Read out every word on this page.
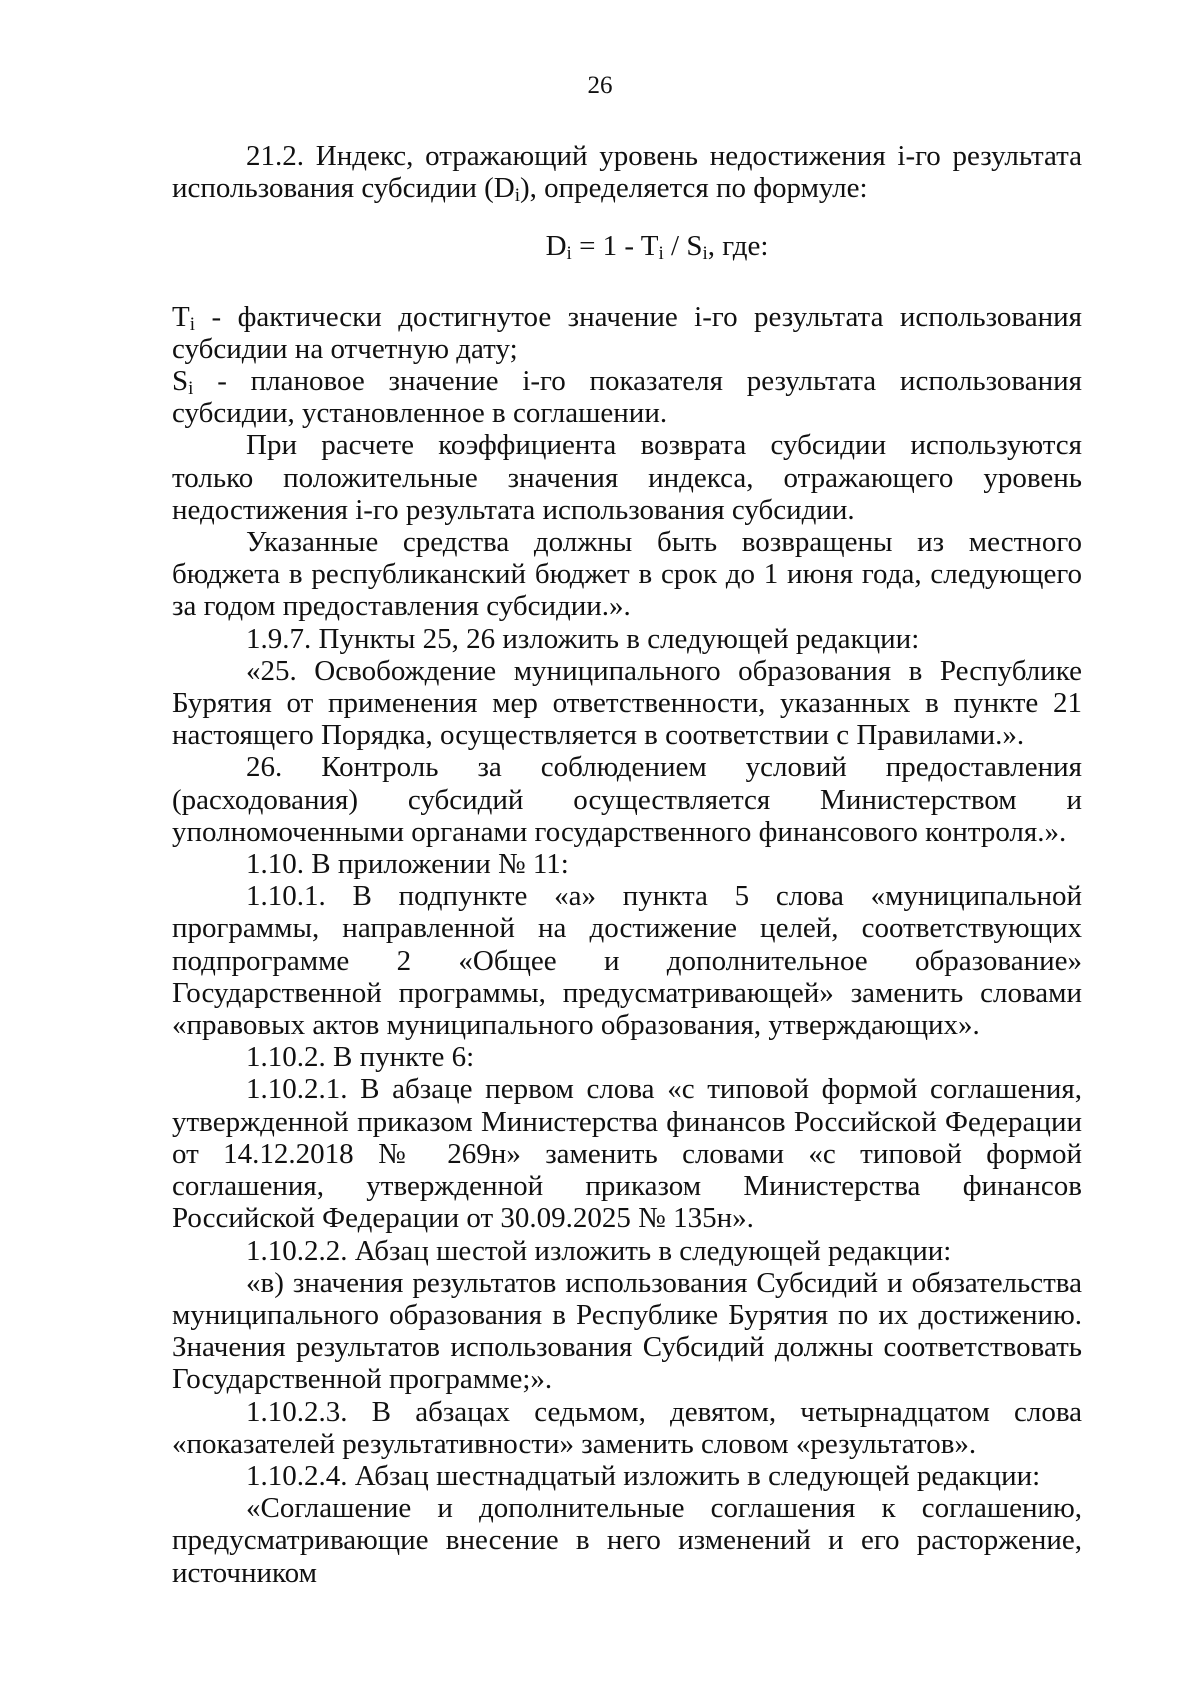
26

21.2. Индекс, отражающий уровень недостижения i-го результата использования субсидии $(D_i)$, определяется по формуле:

$D_i = 1 - T_i / S_i$, где:

$T_i$ - фактически достигнутое значение i-го результата использования субсидии на отчетную дату;

$S_i$ - плановое значение i-го показателя результата использования субсидии, установленное в соглашении.

При расчете коэффициента возврата субсидии используются только положительные значения индекса, отражающего уровень недостижения i-го результата использования субсидии.

Указанные средства должны быть возвращены из местного бюджета в республиканский бюджет в срок до 1 июня года, следующего за годом предоставления субсидии.».

1.9.7. Пункты 25, 26 изложить в следующей редакции:

«25. Освобождение муниципального образования в Республике Бурятия от применения мер ответственности, указанных в пункте 21 настоящего Порядка, осуществляется в соответствии с Правилами.».

26. Контроль за соблюдением условий предоставления (расходования) субсидий осуществляется Министерством и уполномоченными органами государственного финансового контроля.».

1.10. В приложении № 11:

1.10.1. В подпункте «а» пункта 5 слова «муниципальной программы, направленной на достижение целей, соответствующих подпрограмме 2 «Общее и дополнительное образование» Государственной программы, предусматривающей» заменить словами «правовых актов муниципального образования, утверждающих».

1.10.2. В пункте 6:

1.10.2.1. В абзаце первом слова «с типовой формой соглашения, утвержденной приказом Министерства финансов Российской Федерации от 14.12.2018 № 269н» заменить словами «с типовой формой соглашения, утвержденной приказом Министерства финансов Российской Федерации от 30.09.2025 № 135н».

1.10.2.2. Абзац шестой изложить в следующей редакции:

«в) значения результатов использования Субсидий и обязательства муниципального образования в Республике Бурятия по их достижению. Значения результатов использования Субсидий должны соответствовать Государственной программе;».

1.10.2.3. В абзацах седьмом, девятом, четырнадцатом слова «показателей результативности» заменить словом «результатов».

1.10.2.4. Абзац шестнадцатый изложить в следующей редакции:

«Соглашение и дополнительные соглашения к соглашению, предусматривающие внесение в него изменений и его расторжение, источником
